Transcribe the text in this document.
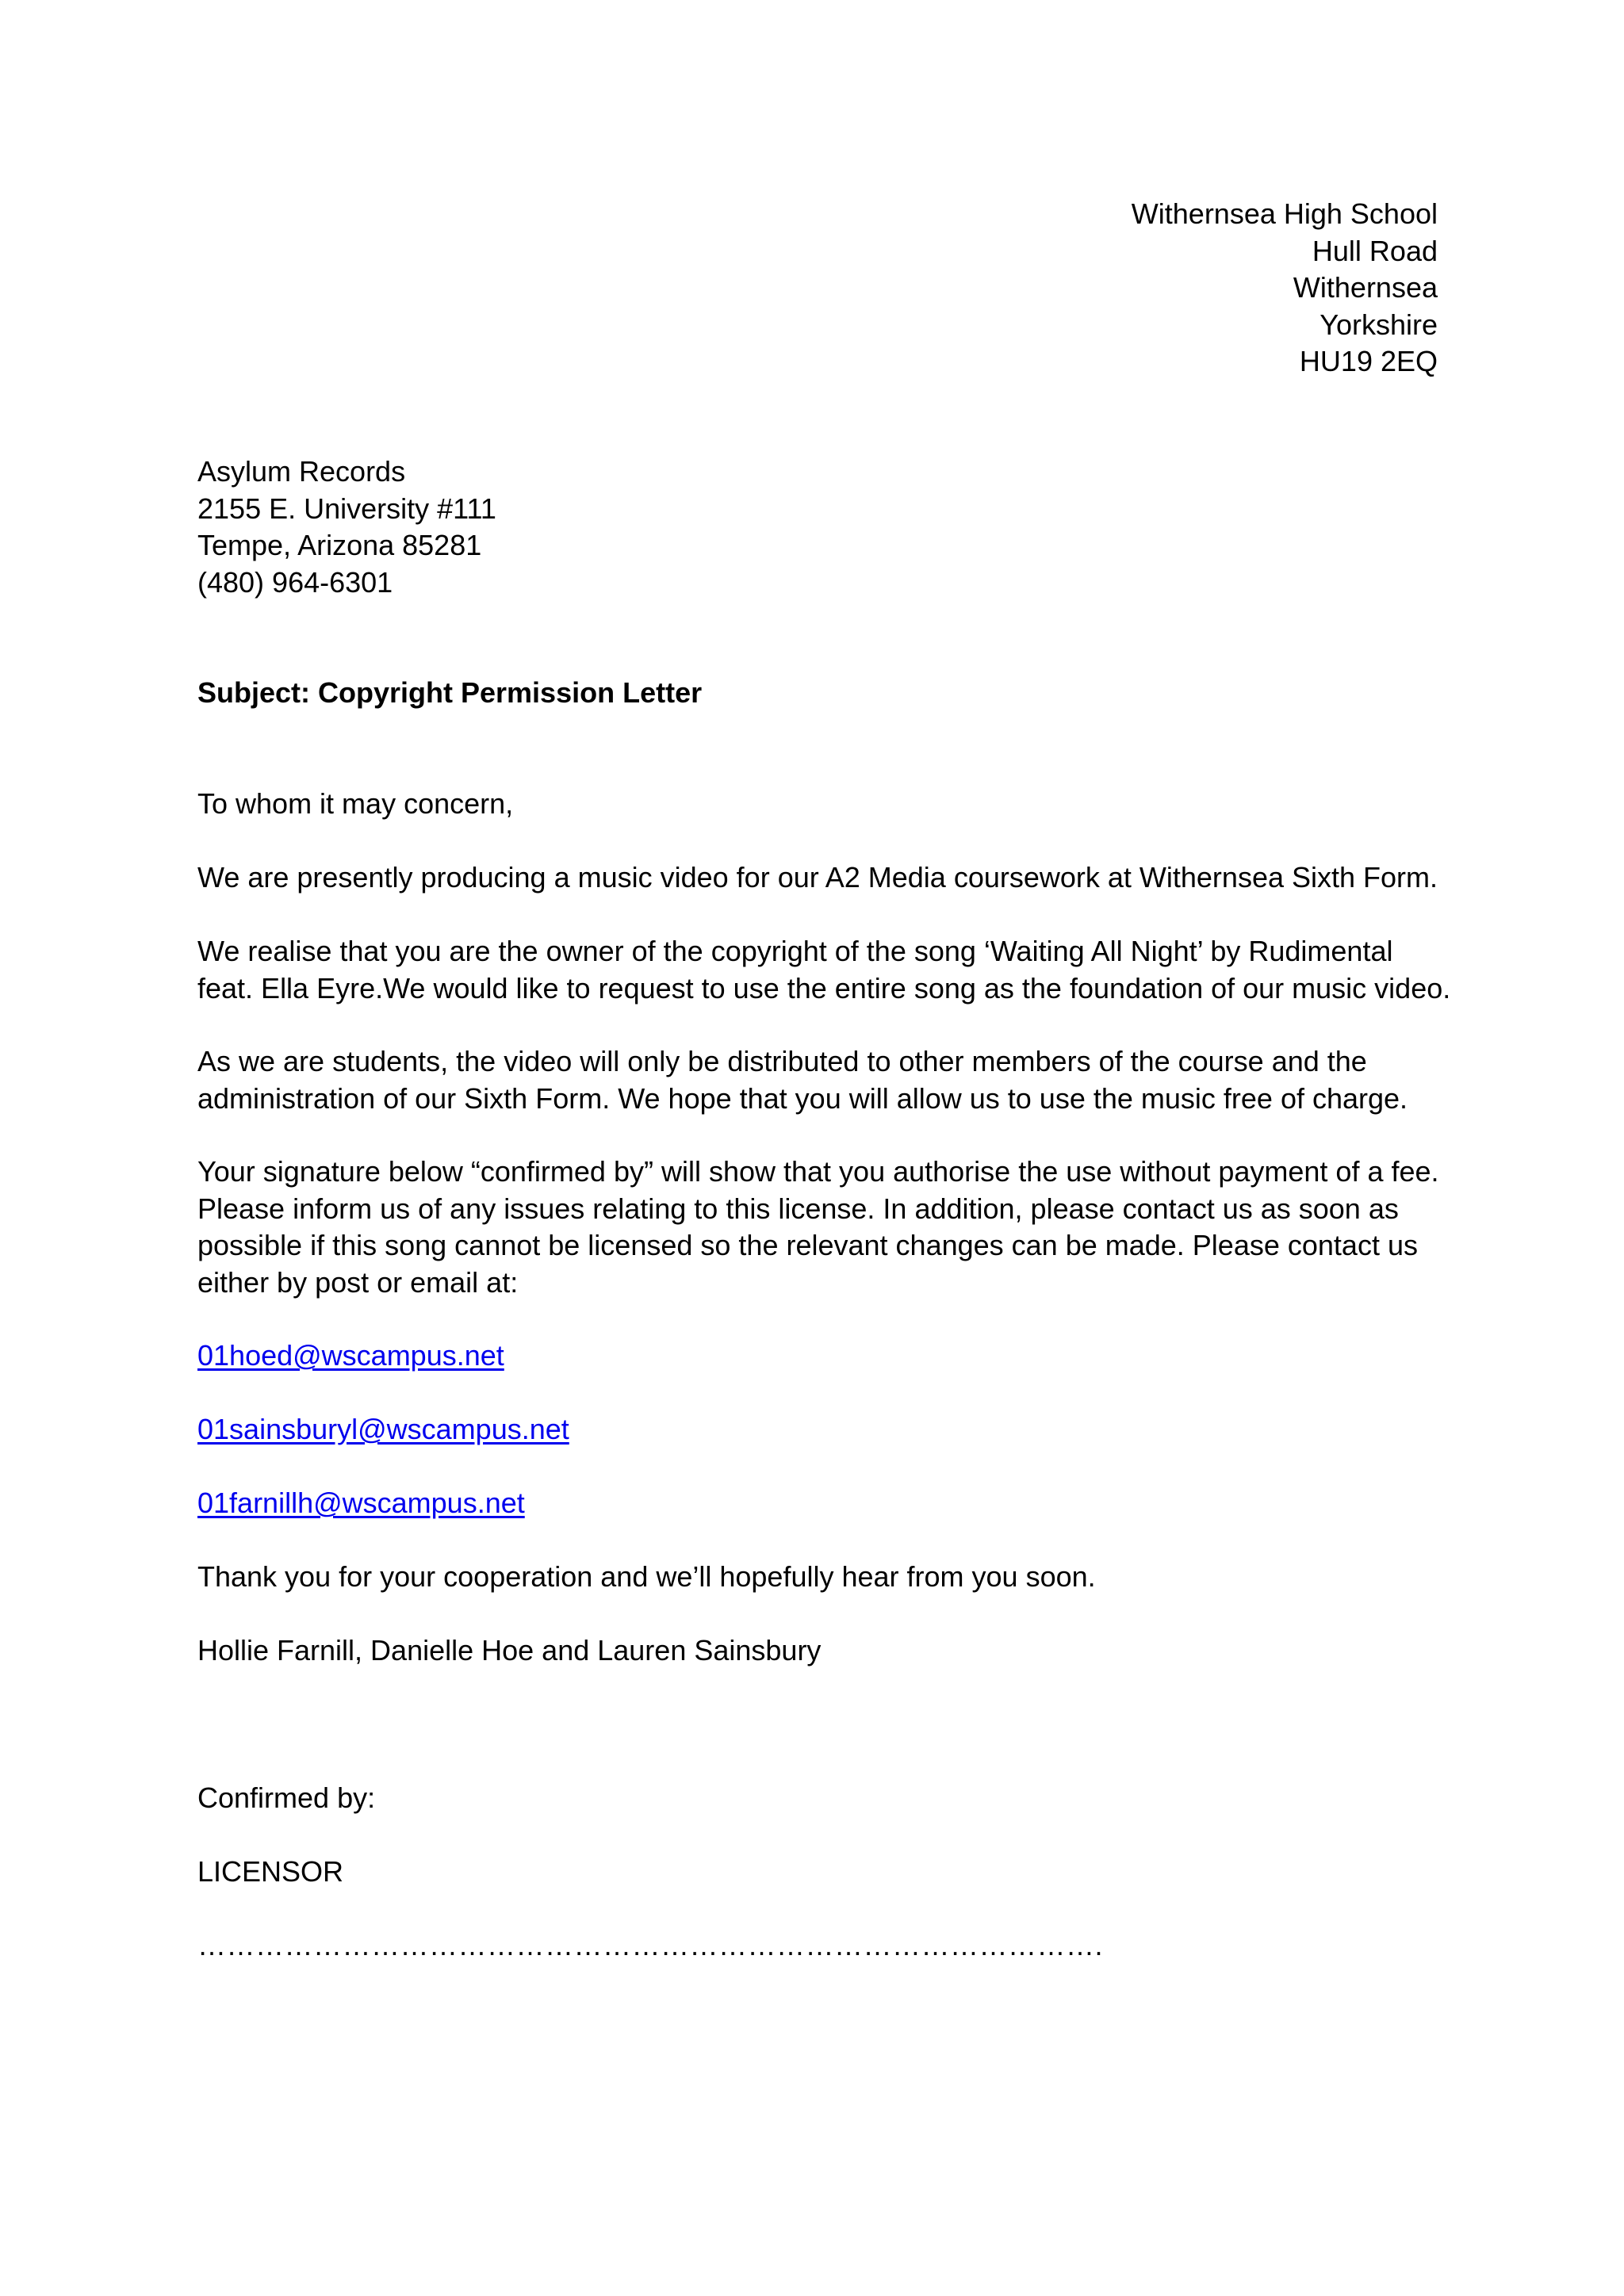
Withernsea High School
Hull Road
Withernsea
Yorkshire
HU19 2EQ
Asylum Records
2155 E. University #111
Tempe, Arizona 85281
(480) 964-6301
Subject: Copyright Permission Letter
To whom it may concern,
We are presently producing a music video for our A2 Media coursework at Withernsea Sixth Form.
We realise that you are the owner of the copyright of the song ‘Waiting All Night’ by Rudimental
feat. Ella Eyre.We would like to request to use the entire song as the foundation of our music video.
As we are students, the video will only be distributed to other members of the course and the
administration of our Sixth Form. We hope that you will allow us to use the music free of charge.
Your signature below “confirmed by” will show that you authorise the use without payment of a fee.
Please inform us of any issues relating to this license. In addition, please contact us as soon as
possible if this song cannot be licensed so the relevant changes can be made. Please contact us
either by post or email at:
01hoed@wscampus.net
01sainsburyl@wscampus.net
01farnillh@wscampus.net
Thank you for your cooperation and we’ll hopefully hear from you soon.
Hollie Farnill, Danielle Hoe and Lauren Sainsbury
Confirmed by:
LICENSOR
………………………………………………………………………………….
